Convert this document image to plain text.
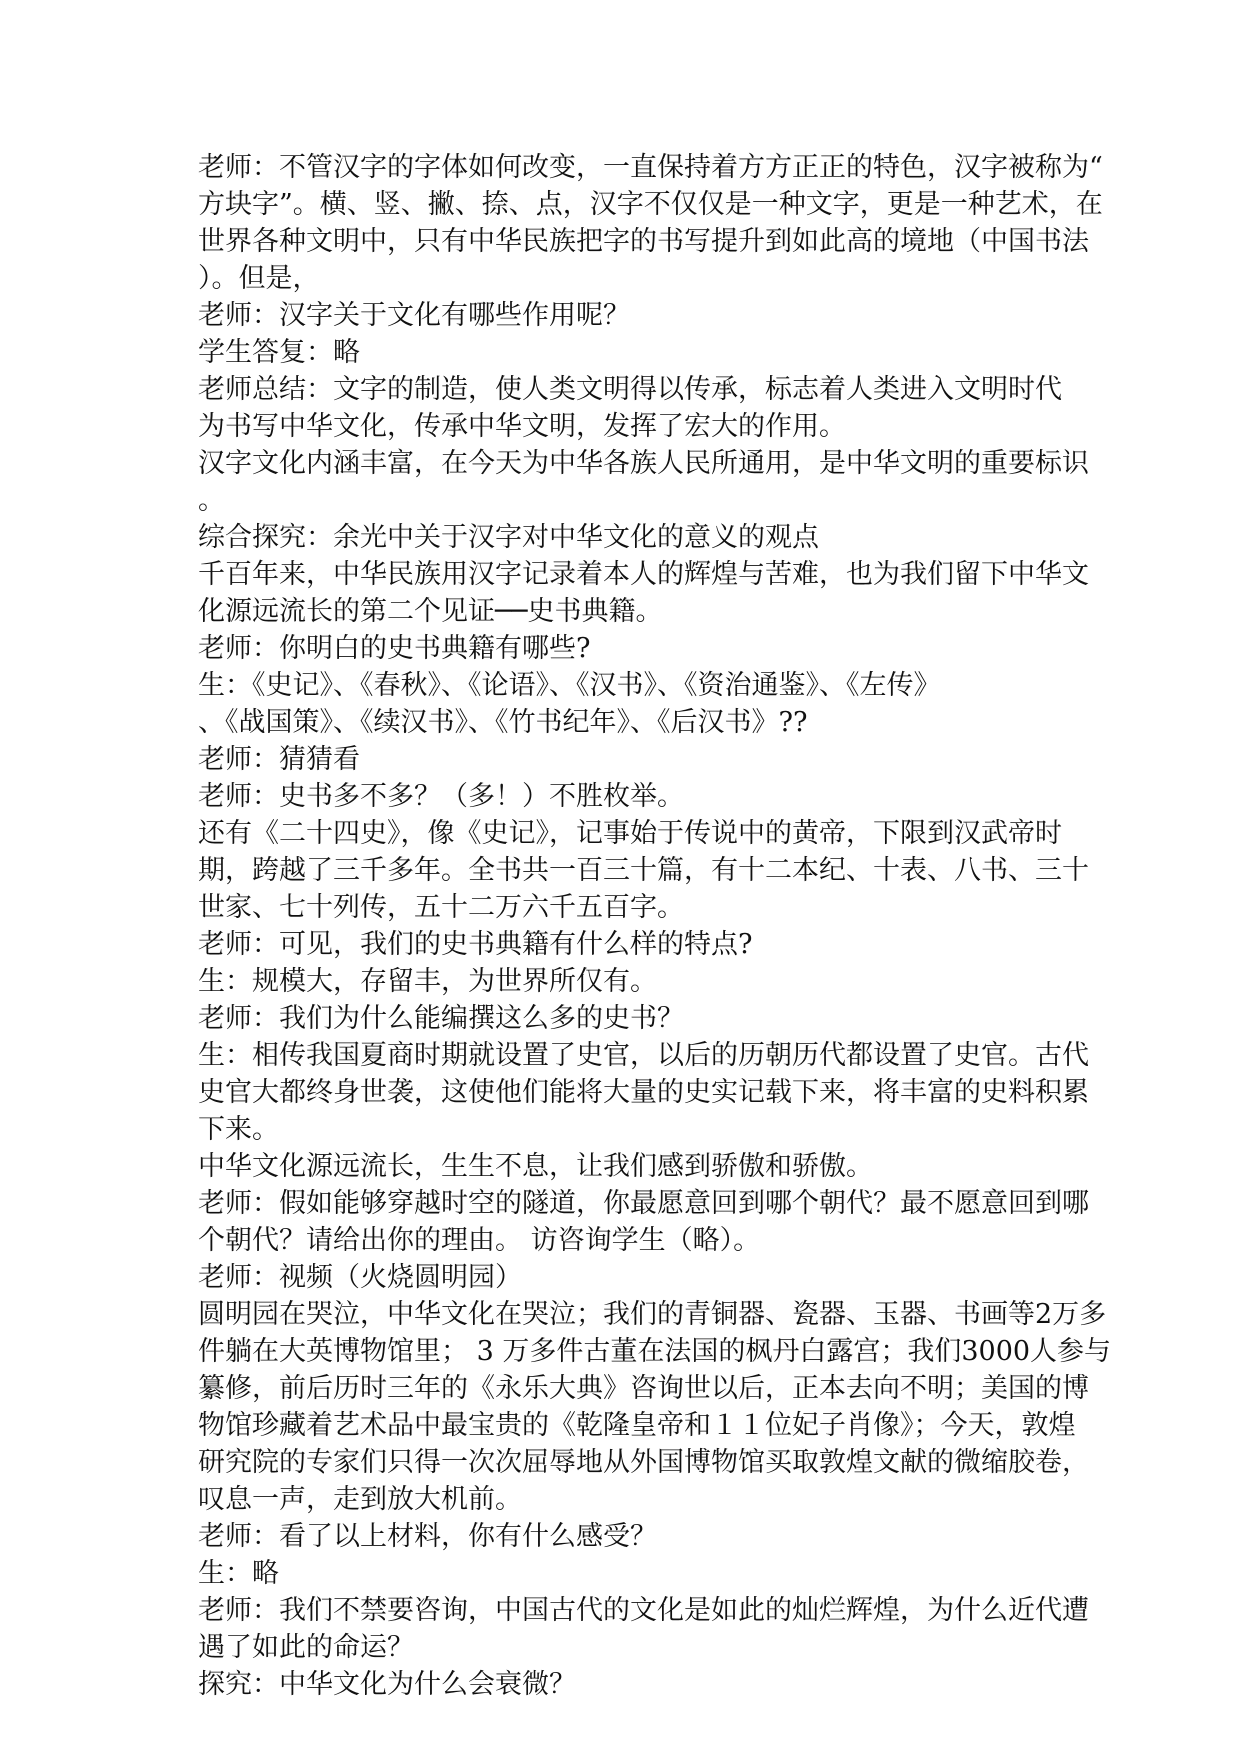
老师：不管汉字的字体如何改变，一直保持着方方正正的特色，汉字被称为“

方块字”。横、竖、撇、捺、点，汉字不仅仅是一种文字，更是一种艺术，在

世界各种文明中，只有中华民族把字的书写提升到如此高的境地（中国书法

）。但是，

老师：汉字关于文化有哪些作用呢？

学生答复：略

老师总结：文字的制造，使人类文明得以传承，标志着人类进入文明时代

为书写中华文化，传承中华文明，发挥了宏大的作用。

汉字文化内涵丰富，在今天为中华各族人民所通用，是中华文明的重要标识

。

综合探究：余光中关于汉字对中华文化的意义的观点

千百年来，中华民族用汉字记录着本人的辉煌与苦难，也为我们留下中华文

化源远流长的第二个见证──史书典籍。

老师：你明白的史书典籍有哪些?

生：《史记》、《春秋》、《论语》、《汉书》、《资治通鉴》、《左传》

、《战国策》、《续汉书》、《竹书纪年》、《后汉书》??

老师：猜猜看

老师：史书多不多？（多！）不胜枚举。

还有《二十四史》，像《史记》，记事始于传说中的黄帝，下限到汉武帝时

期，跨越了三千多年。全书共一百三十篇，有十二本纪、十表、八书、三十

世家、七十列传，五十二万六千五百字。

老师：可见，我们的史书典籍有什么样的特点?

生：规模大，存留丰，为世界所仅有。

老师：我们为什么能编撰这么多的史书？

生：相传我国夏商时期就设置了史官，以后的历朝历代都设置了史官。古代

史官大都终身世袭，这使他们能将大量的史实记载下来，将丰富的史料积累

下来。

中华文化源远流长，生生不息，让我们感到骄傲和骄傲。

老师：假如能够穿越时空的隧道，你最愿意回到哪个朝代？最不愿意回到哪

个朝代？请给出你的理由。 访咨询学生（略）。

老师：视频（火烧圆明园）

圆明园在哭泣，中华文化在哭泣；我们的青铜器、瓷器、玉器、书画等2万多

件躺在大英博物馆里； 3 万多件古董在法国的枫丹白露宫；我们3000人参与

纂修，前后历时三年的《永乐大典》咨询世以后，正本去向不明；美国的博

物馆珍藏着艺术品中最宝贵的《乾隆皇帝和１１位妃子肖像》；今天，敦煌

研究院的专家们只得一次次屈辱地从外国博物馆买取敦煌文献的微缩胶卷，

叹息一声，走到放大机前。

老师：看了以上材料，你有什么感受？

生：略

老师：我们不禁要咨询，中国古代的文化是如此的灿烂辉煌，为什么近代遭

遇了如此的命运？

探究：中华文化为什么会衰微？
